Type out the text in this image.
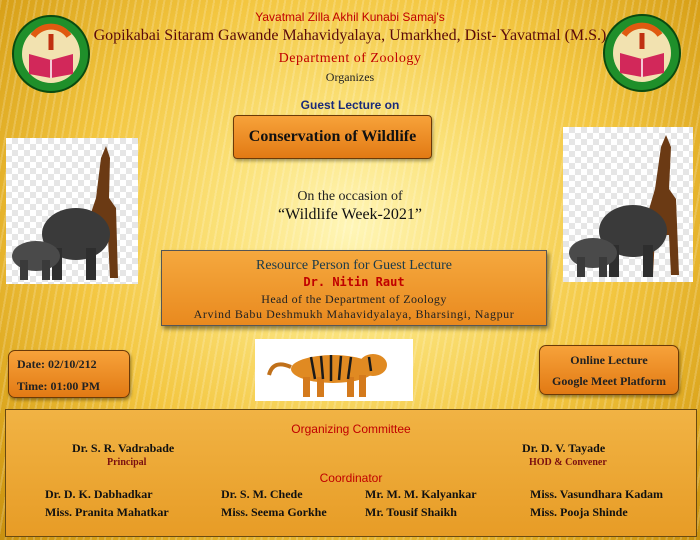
Yavatmal Zilla Akhil Kunabi Samaj's
Gopikabai Sitaram Gawande Mahavidyalaya, Umarkhed, Dist- Yavatmal (M.S.)
Department of Zoology
Organizes
Guest Lecture on
Conservation of Wildlife
On the occasion of
“Wildlife Week-2021”
Resource Person for Guest Lecture
Dr. Nitin Raut
Head of the Department of Zoology
Arvind Babu Deshmukh Mahavidyalaya, Bharsingi, Nagpur
Date: 02/10/212
Time: 01:00 PM
Online Lecture
Google Meet Platform
Organizing Committee
Dr. S. R. Vadrabade
Principal
Dr. D. V. Tayade
HOD & Convener
Coordinator
Dr. D. K. Dabhadkar	Dr. S. M. Chede	Mr. M. M. Kalyankar	Miss. Vasundhara Kadam
Miss. Pranita Mahatkar	Miss. Seema Gorkhe	Mr. Tousif Shaikh	Miss. Pooja Shinde
